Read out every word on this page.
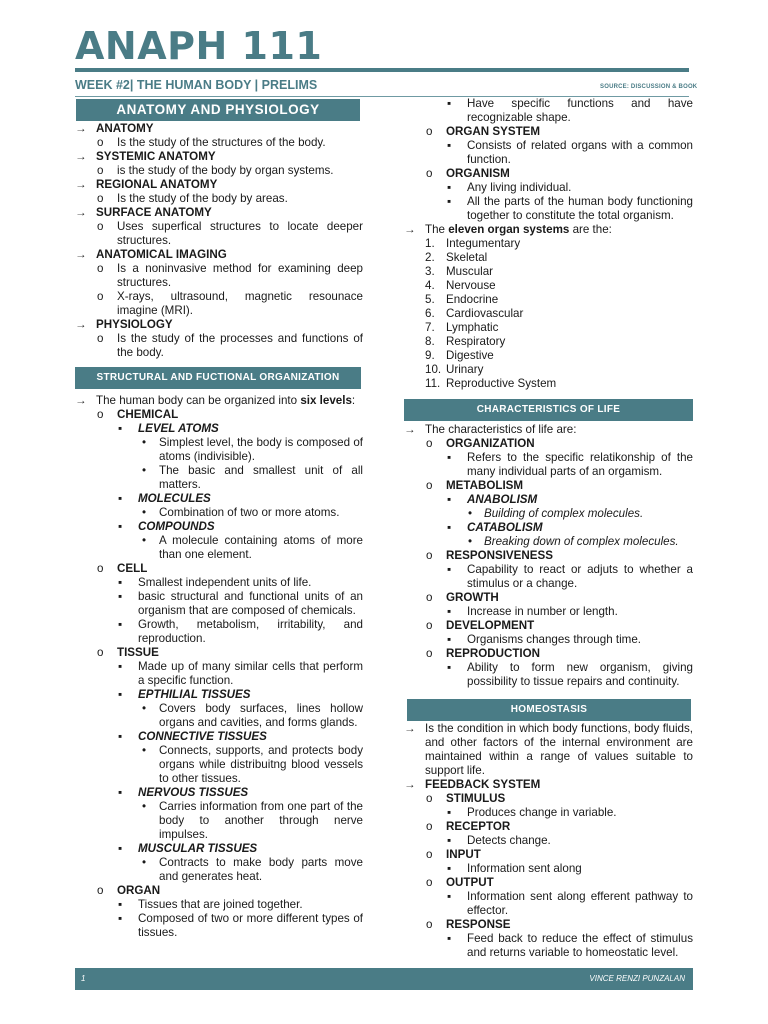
ANAPH 111
WEEK #2| THE HUMAN BODY | PRELIMS	SOURCE: DISCUSSION & BOOK
ANATOMY AND PHYSIOLOGY
→ ANATOMY
o Is the study of the structures of the body.
→ SYSTEMIC ANATOMY
o is the study of the body by organ systems.
→ REGIONAL ANATOMY
o Is the study of the body by areas.
→ SURFACE ANATOMY
o Uses superfical structures to locate deeper structures.
→ ANATOMICAL IMAGING
o Is a noninvasive method for examining deep structures.
o X-rays, ultrasound, magnetic resounace imagine (MRI).
→ PHYSIOLOGY
o Is the study of the processes and functions of the body.
STRUCTURAL AND FUCTIONAL ORGANIZATION
→ The human body can be organized into six levels:
o CHEMICAL
▪ LEVEL ATOMS
• Simplest level, the body is composed of atoms (indivisible).
• The basic and smallest unit of all matters.
▪ MOLECULES
• Combination of two or more atoms.
▪ COMPOUNDS
• A molecule containing atoms of more than one element.
o CELL
▪ Smallest independent units of life.
▪ basic structural and functional units of an organism that are composed of chemicals.
▪ Growth, metabolism, irritability, and reproduction.
o TISSUE
▪ Made up of many similar cells that perform a specific function.
▪ EPTHILIAL TISSUES
• Covers body surfaces, lines hollow organs and cavities, and forms glands.
▪ CONNECTIVE TISSUES
• Connects, supports, and protects body organs while distribuitng blood vessels to other tissues.
▪ NERVOUS TISSUES
• Carries information from one part of the body to another through nerve impulses.
▪ MUSCULAR TISSUES
• Contracts to make body parts move and generates heat.
o ORGAN
▪ Tissues that are joined together.
▪ Composed of two or more different types of tissues.
▪ Have specific functions and have recognizable shape.
o ORGAN SYSTEM
▪ Consists of related organs with a common function.
o ORGANISM
▪ Any living individual.
▪ All the parts of the human body functioning together to constitute the total organism.
→ The eleven organ systems are the:
1. Integumentary
2. Skeletal
3. Muscular
4. Nervouse
5. Endocrine
6. Cardiovascular
7. Lymphatic
8. Respiratory
9. Digestive
10. Urinary
11. Reproductive System
CHARACTERISTICS OF LIFE
→ The characteristics of life are:
o ORGANIZATION
▪ Refers to the specific relatikonship of the many individual parts of an orgamism.
o METABOLISM
▪ ANABOLISM
• Building of complex molecules.
▪ CATABOLISM
• Breaking down of complex molecules.
o RESPONSIVENESS
▪ Capability to react or adjuts to whether a stimulus or a change.
o GROWTH
▪ Increase in number or length.
o DEVELOPMENT
▪ Organisms changes through time.
o REPRODUCTION
▪ Ability to form new organism, giving possibility to tissue repairs and continuity.
HOMEOSTASIS
→ Is the condition in which body functions, body fluids, and other factors of the internal environment are maintained within a range of values suitable to support life.
→ FEEDBACK SYSTEM
o STIMULUS
▪ Produces change in variable.
o RECEPTOR
▪ Detects change.
o INPUT
▪ Information sent along
o OUTPUT
▪ Information sent along efferent pathway to effector.
o RESPONSE
▪ Feed back to reduce the effect of stimulus and returns variable to homeostatic level.
1	VINCE RENZI PUNZALAN
